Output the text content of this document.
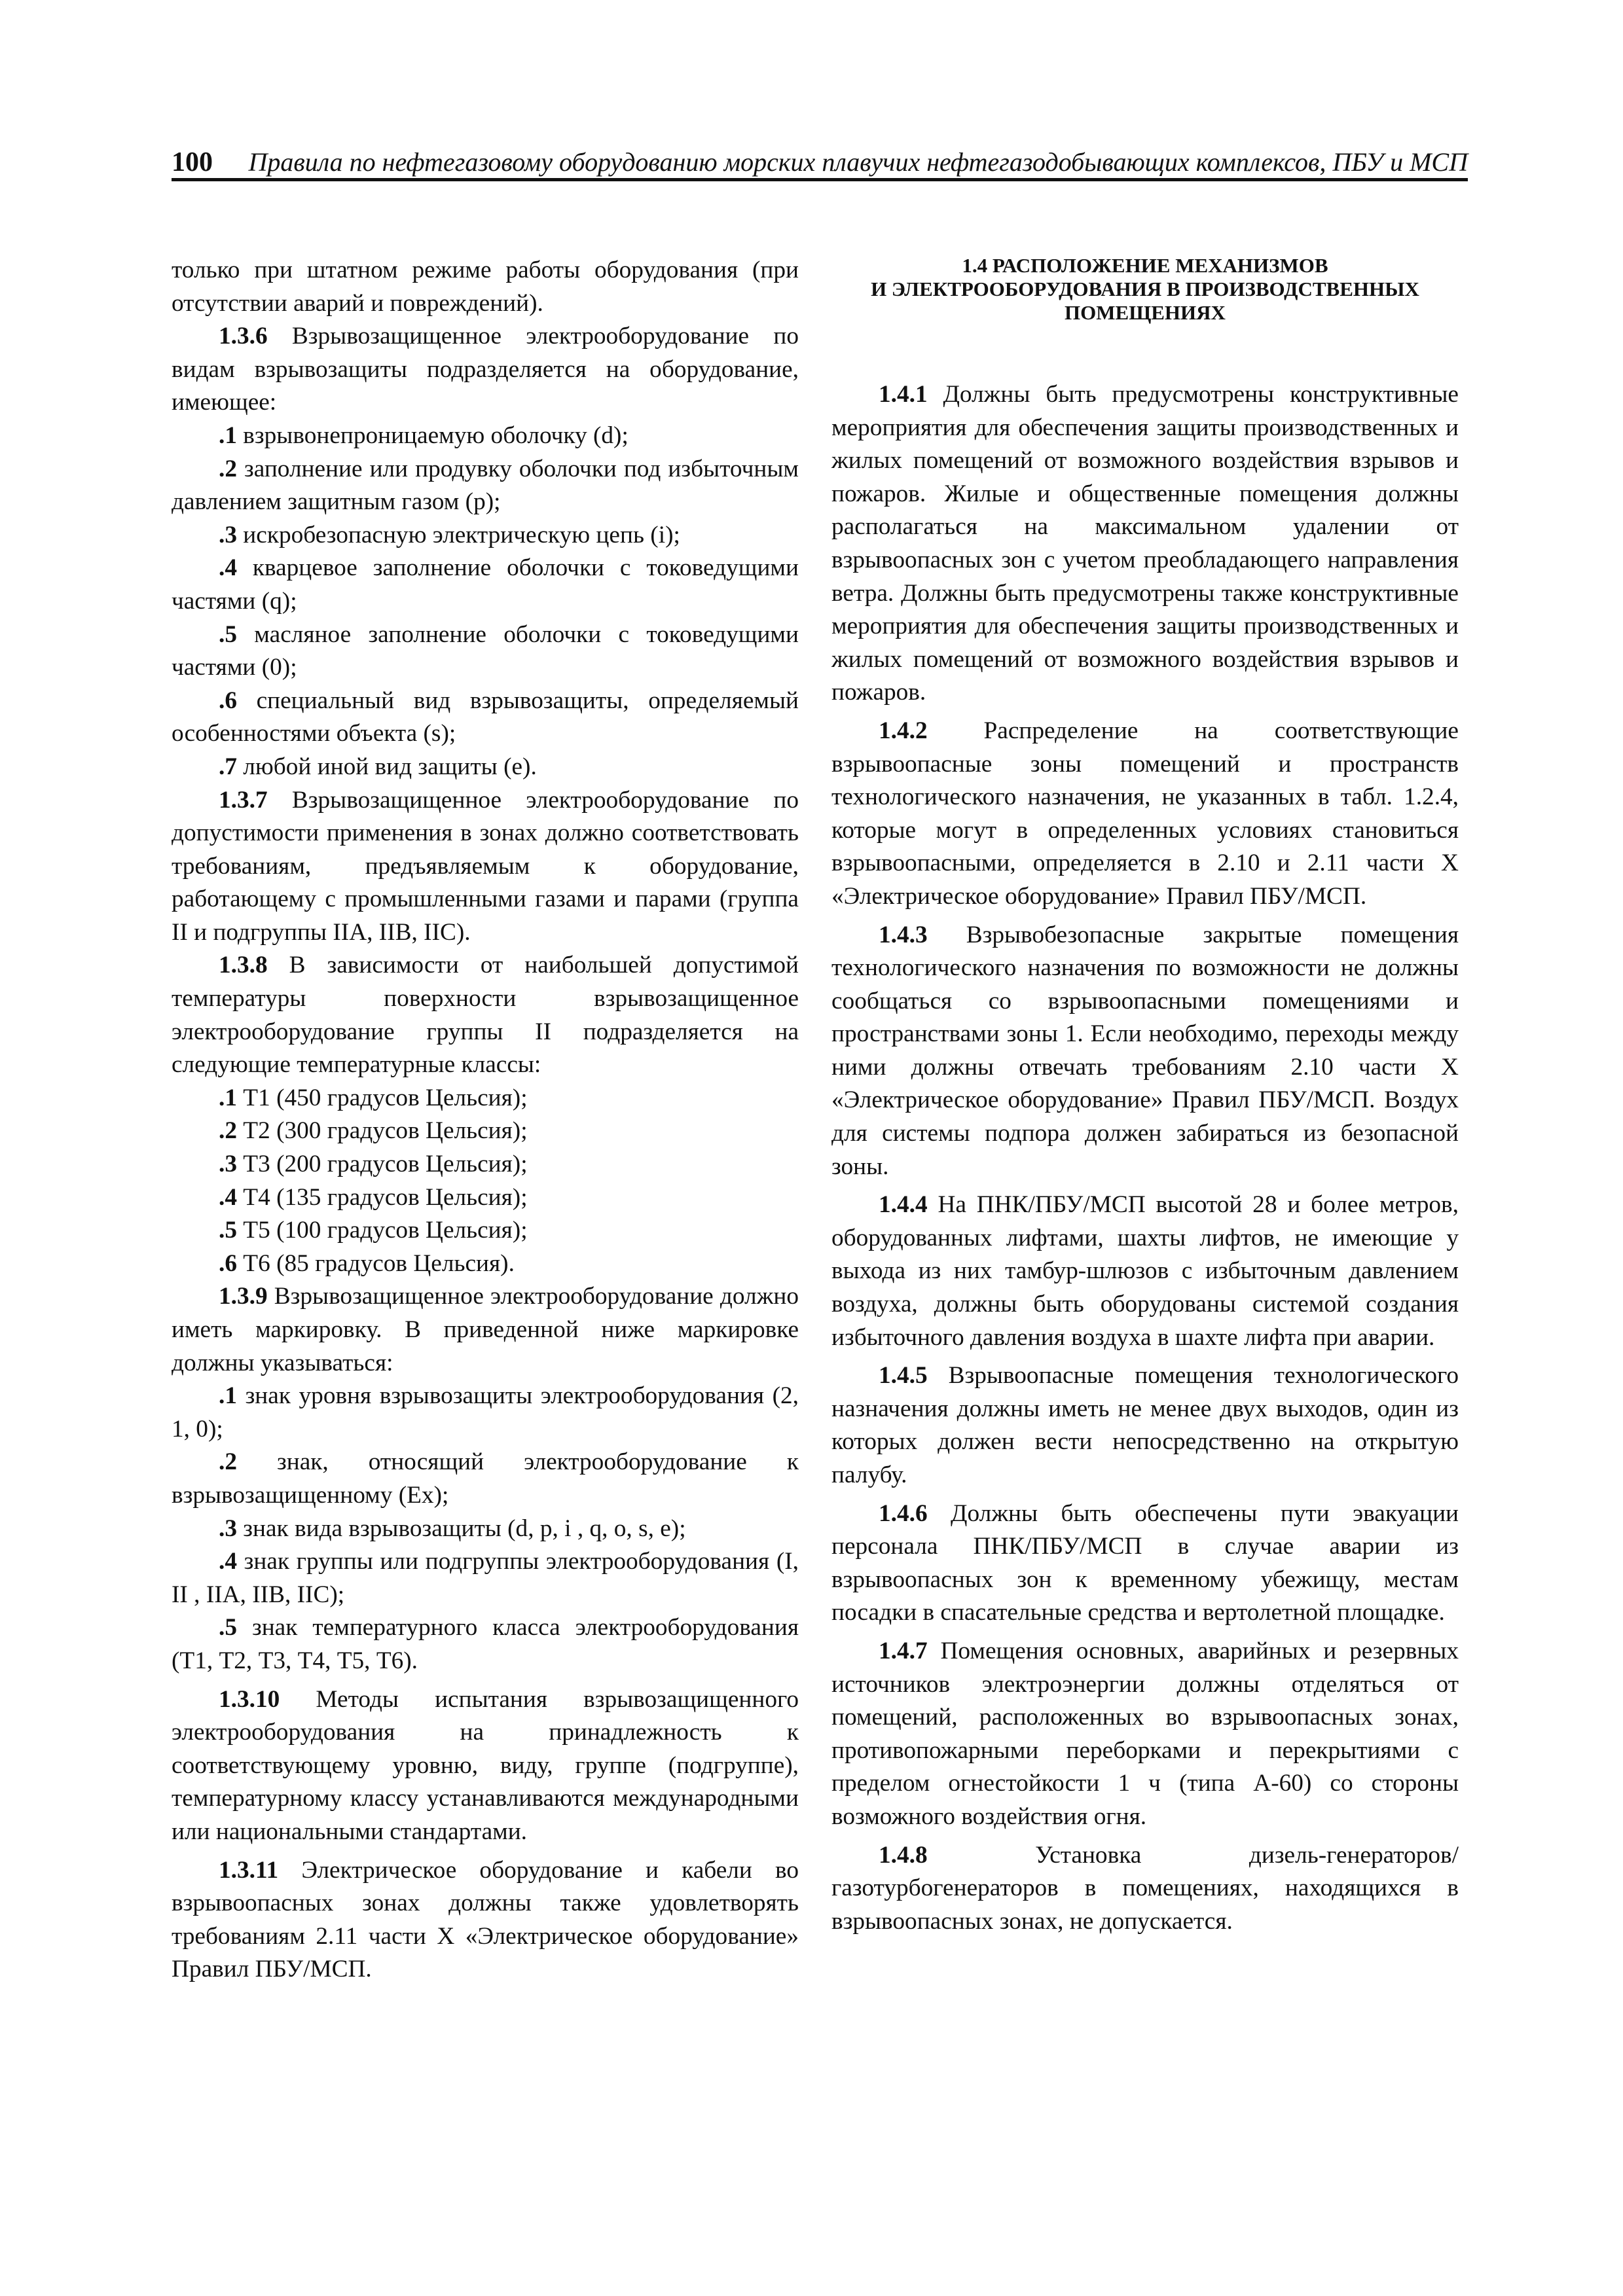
100 Правила по нефтегазовому оборудованию морских плавучих нефтегазодобывающих комплексов, ПБУ и МСП

только при штатном режиме работы оборудования (при отсутствии аварий и повреждений).

1.3.6 Взрывозащищенное электрооборудование по видам взрывозащиты подразделяется на оборудование, имеющее:

.1 взрывонепроницаемую оболочку (d);

.2 заполнение или продувку оболочки под избыточным давлением защитным газом (p);

.3 искробезопасную электрическую цепь (i);

.4 кварцевое заполнение оболочки с токоведущими частями (q);

.5 масляное заполнение оболочки с токоведущими частями (0);

.6 специальный вид взрывозащиты, определяемый особенностями объекта (s);

.7 любой иной вид защиты (e).

1.3.7 Взрывозащищенное электрооборудование по допустимости применения в зонах должно соответствовать требованиям, предъявляемым к оборудование, работающему с промышленными газами и парами (группа II и подгруппы IIА, IIВ, IIС).

1.3.8 В зависимости от наибольшей допустимой температуры поверхности взрывозащищенное электрооборудование группы II подразделяется на следующие температурные классы:

.1 Т1 (450 градусов Цельсия);

.2 Т2 (300 градусов Цельсия);

.3 Т3 (200 градусов Цельсия);

.4 Т4 (135 градусов Цельсия);

.5 Т5 (100 градусов Цельсия);

.6 Т6 (85 градусов Цельсия).

1.3.9 Взрывозащищенное электрооборудование должно иметь маркировку. В приведенной ниже маркировке должны указываться:

.1 знак уровня взрывозащиты электрооборудования (2, 1, 0);

.2 знак, относящий электрооборудование к взрывозащищенному (Ex);

.3 знак вида взрывозащиты (d, p, i , q, o, s, e);

.4 знак группы или подгруппы электрооборудования (I, II , IIA, IIB, IIC);

.5 знак температурного класса электрооборудования (Т1, Т2, Т3, Т4, Т5, Т6).

1.3.10 Методы испытания взрывозащищенного электрооборудования на принадлежность к соответствующему уровню, виду, группе (подгруппе), температурному классу устанавливаются международными или национальными стандартами.

1.3.11 Электрическое оборудование и кабели во взрывоопасных зонах должны также удовлетворять требованиям 2.11 части X «Электрическое оборудование» Правил ПБУ/МСП.

1.4 РАСПОЛОЖЕНИЕ МЕХАНИЗМОВ
И ЭЛЕКТРООБОРУДОВАНИЯ В ПРОИЗВОДСТВЕННЫХ
ПОМЕЩЕНИЯХ

1.4.1 Должны быть предусмотрены конструктивные мероприятия для обеспечения защиты производственных и жилых помещений от возможного воздействия взрывов и пожаров. Жилые и общественные помещения должны располагаться на максимальном удалении от взрывоопасных зон с учетом преобладающего направления ветра. Должны быть предусмотрены также конструктивные мероприятия для обеспечения защиты производственных и жилых помещений от возможного воздействия взрывов и пожаров.

1.4.2 Распределение на соответствующие взрывоопасные зоны помещений и пространств технологического назначения, не указанных в табл. 1.2.4, которые могут в определенных условиях становиться взрывоопасными, определяется в 2.10 и 2.11 части X «Электрическое оборудование» Правил ПБУ/МСП.

1.4.3 Взрывобезопасные закрытые помещения технологического назначения по возможности не должны сообщаться со взрывоопасными помещениями и пространствами зоны 1. Если необходимо, переходы между ними должны отвечать требованиям 2.10 части X «Электрическое оборудование» Правил ПБУ/МСП. Воздух для системы подпора должен забираться из безопасной зоны.

1.4.4 На ПНК/ПБУ/МСП высотой 28 и более метров, оборудованных лифтами, шахты лифтов, не имеющие у выхода из них тамбур-шлюзов с избыточным давлением воздуха, должны быть оборудованы системой создания избыточного давления воздуха в шахте лифта при аварии.

1.4.5 Взрывоопасные помещения технологического назначения должны иметь не менее двух выходов, один из которых должен вести непосредственно на открытую палубу.

1.4.6 Должны быть обеспечены пути эвакуации персонала ПНК/ПБУ/МСП в случае аварии из взрывоопасных зон к временному убежищу, местам посадки в спасательные средства и вертолетной площадке.

1.4.7 Помещения основных, аварийных и резервных источников электроэнергии должны отделяться от помещений, расположенных во взрывоопасных зонах, противопожарными переборками и перекрытиями с пределом огнестойкости 1 ч (типа А-60) со стороны возможного воздействия огня.

1.4.8 Установка дизель-генераторов/газотурбогенераторов в помещениях, находящихся в взрывоопасных зонах, не допускается.
